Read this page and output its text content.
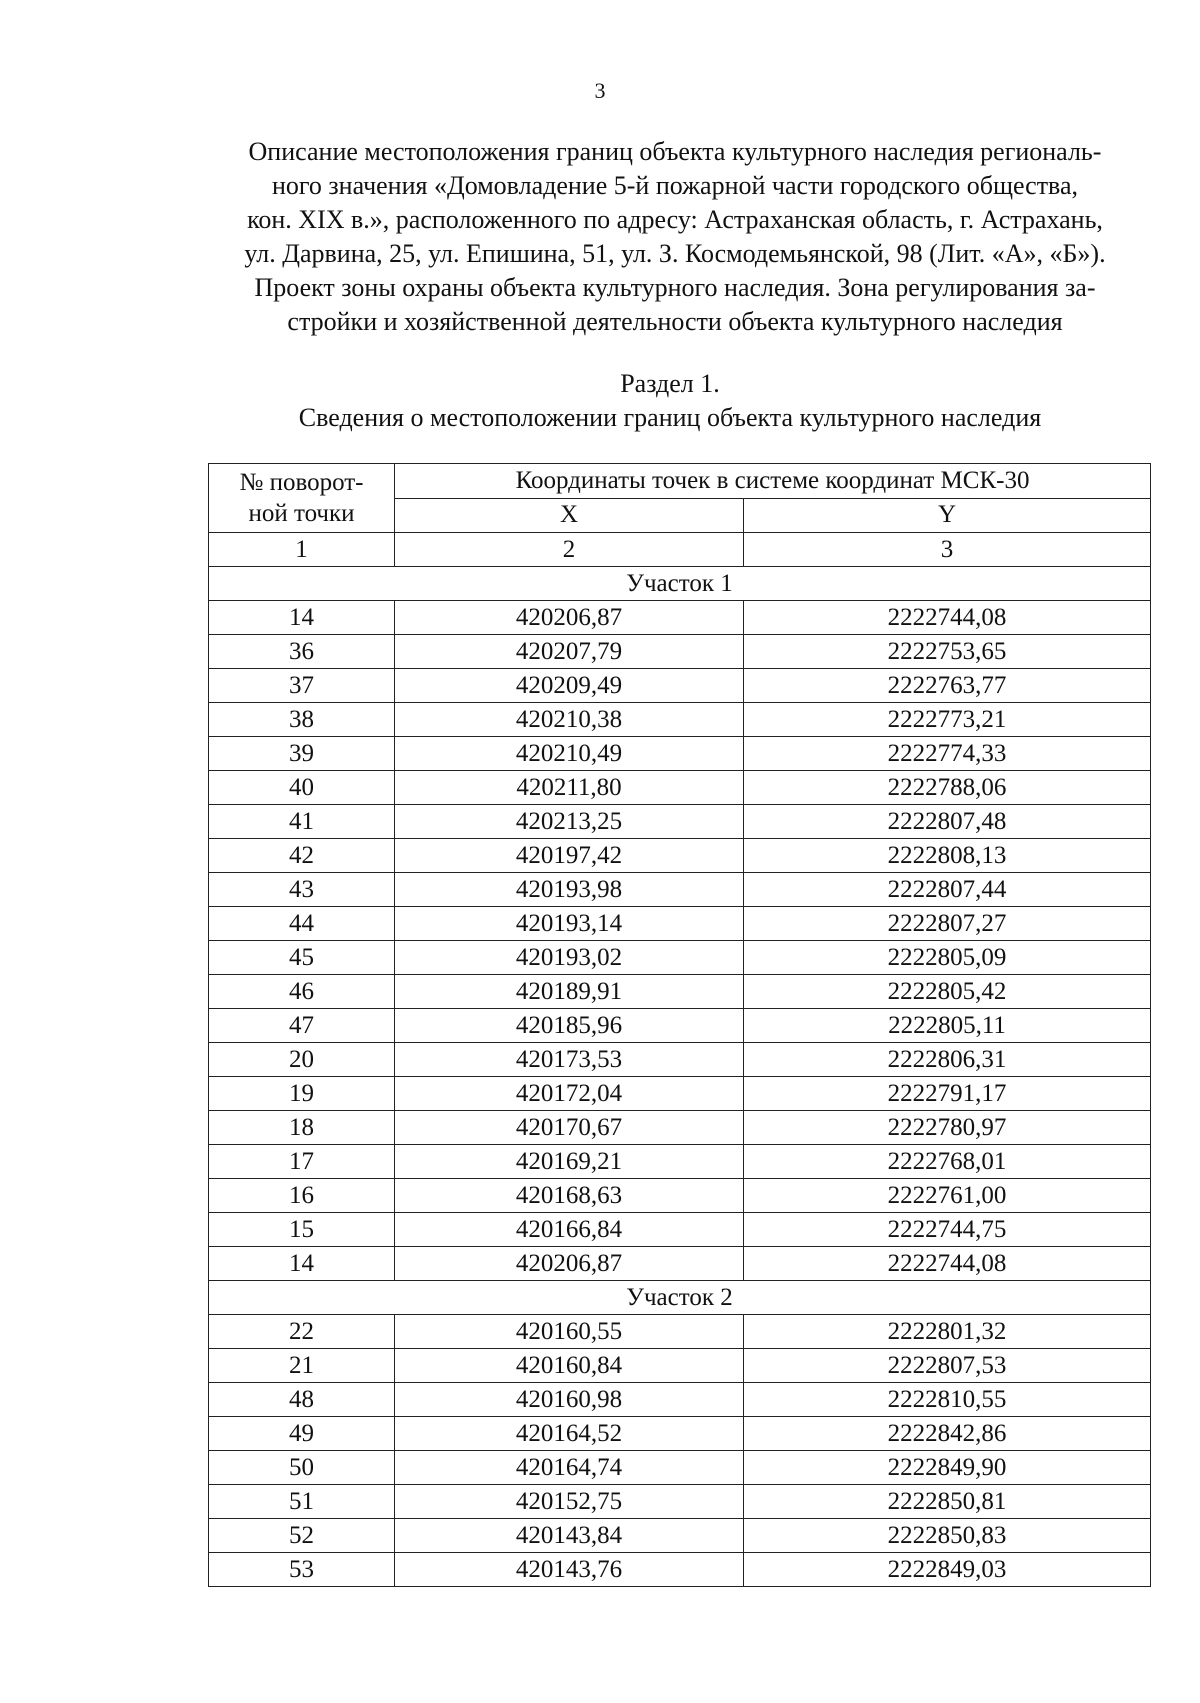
3
Описание местоположения границ объекта культурного наследия региональ-
ного значения «Домовладение 5-й пожарной части городского общества,
кон. XIX в.», расположенного по адресу: Астраханская область, г. Астрахань,
ул. Дарвина, 25, ул. Епишина, 51, ул. З. Космодемьянской, 98 (Лит. «А», «Б»).
Проект зоны охраны объекта культурного наследия. Зона регулирования за-
стройки и хозяйственной деятельности объекта культурного наследия
Раздел 1.
Сведения о местоположении границ объекта культурного наследия
№ поворот-
ной точки	Координаты точек в системе координат МСК-30	
	X	Y
1	2	3
Участок 1		
14	420206,87	2222744,08
36	420207,79	2222753,65
37	420209,49	2222763,77
38	420210,38	2222773,21
39	420210,49	2222774,33
40	420211,80	2222788,06
41	420213,25	2222807,48
42	420197,42	2222808,13
43	420193,98	2222807,44
44	420193,14	2222807,27
45	420193,02	2222805,09
46	420189,91	2222805,42
47	420185,96	2222805,11
20	420173,53	2222806,31
19	420172,04	2222791,17
18	420170,67	2222780,97
17	420169,21	2222768,01
16	420168,63	2222761,00
15	420166,84	2222744,75
14	420206,87	2222744,08
Участок 2		
22	420160,55	2222801,32
21	420160,84	2222807,53
48	420160,98	2222810,55
49	420164,52	2222842,86
50	420164,74	2222849,90
51	420152,75	2222850,81
52	420143,84	2222850,83
53	420143,76	2222849,03
